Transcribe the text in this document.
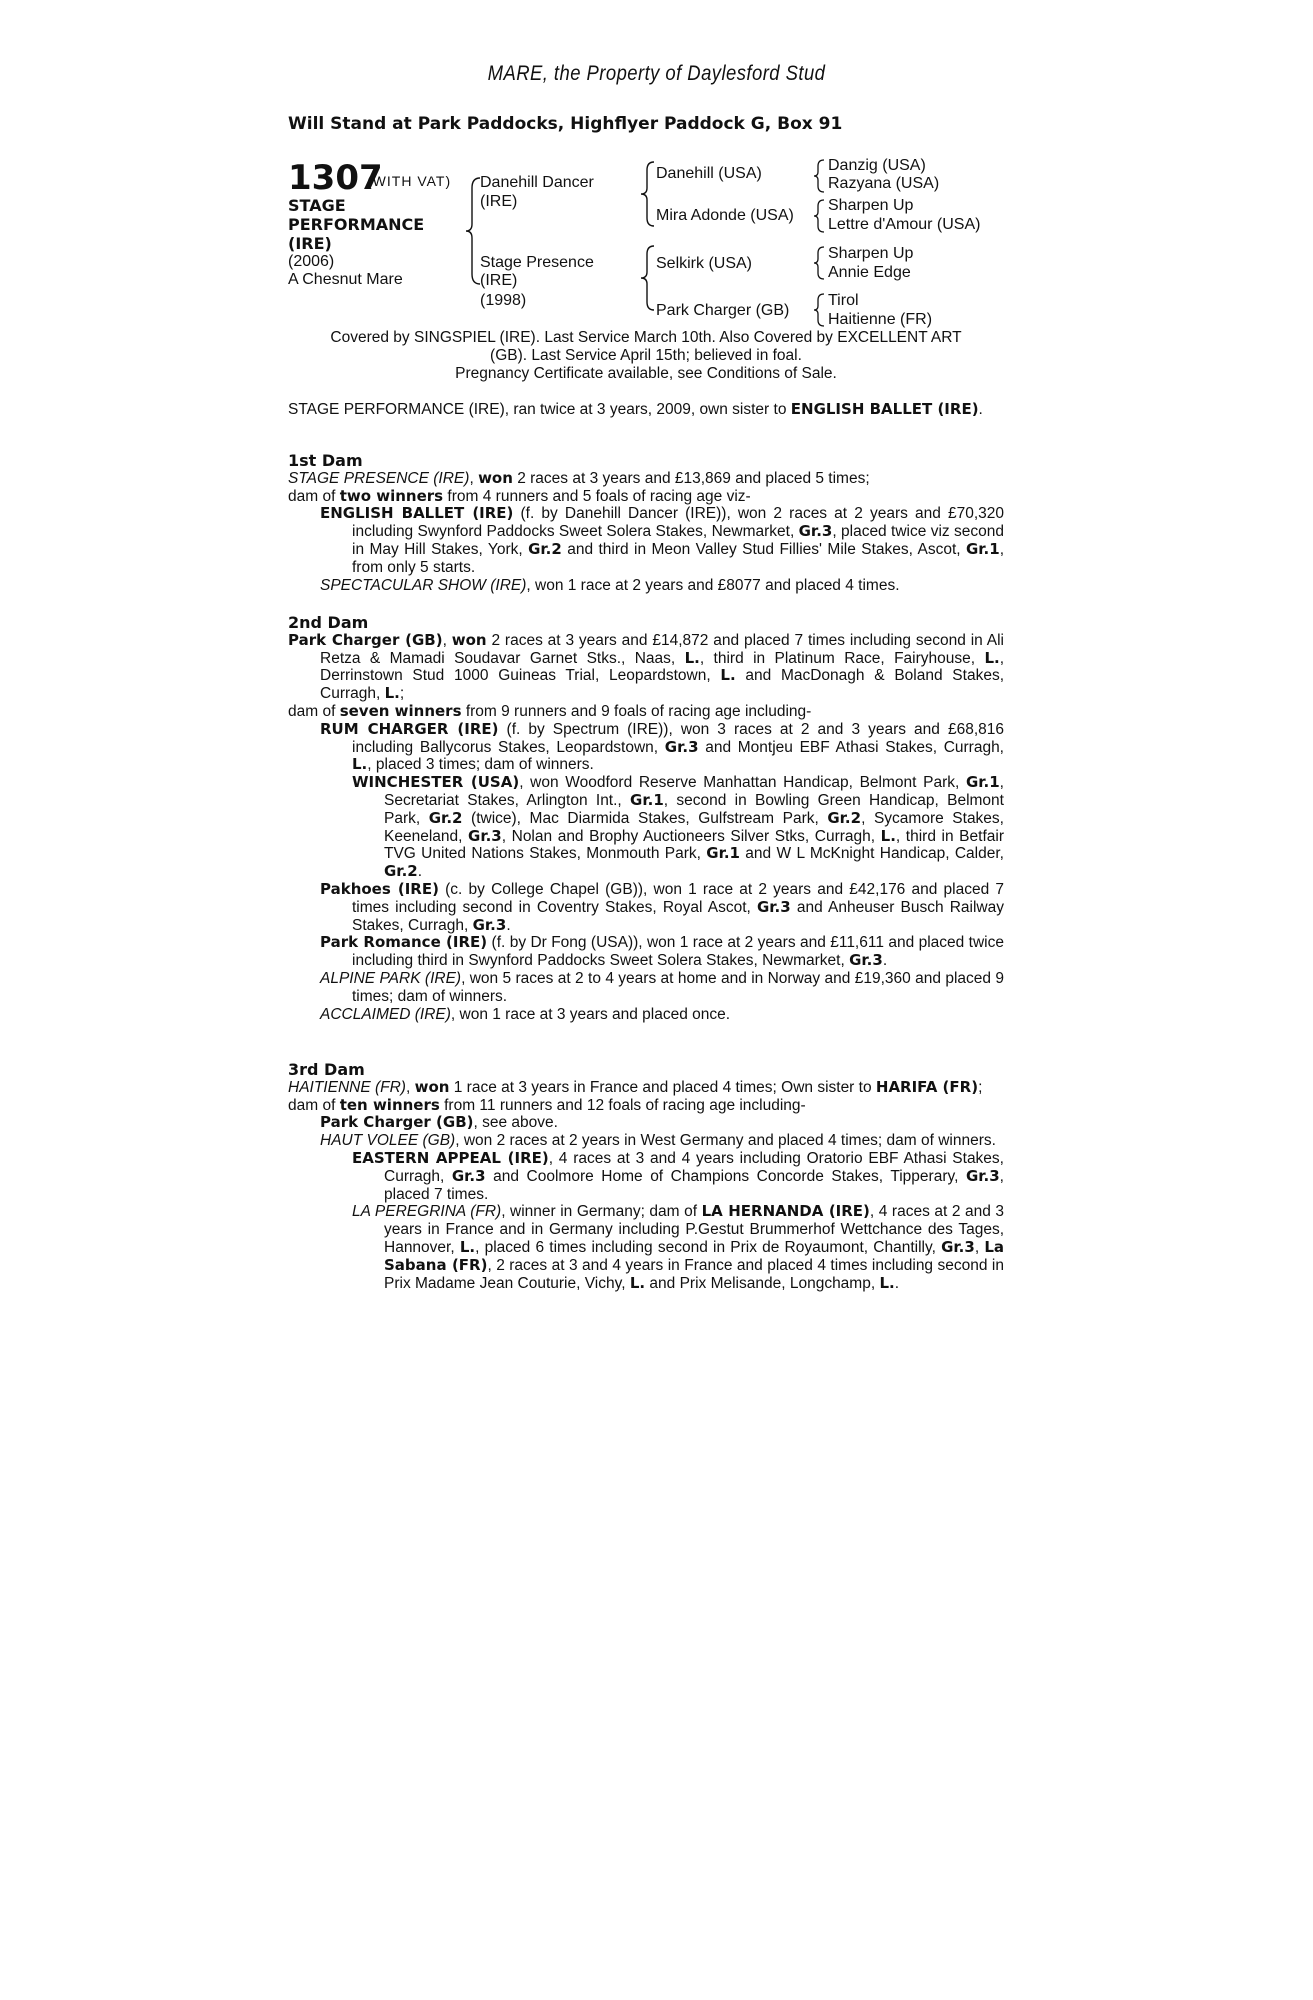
MARE, the Property of Daylesford Stud
Will Stand at Park Paddocks, Highflyer Paddock G, Box 91
1307
(WITH VAT)
STAGE
PERFORMANCE
(IRE)
(2006)
A Chesnut Mare
Danehill Dancer
(IRE)
Stage Presence
(IRE)
(1998)
Danehill (USA)
Mira Adonde (USA)
Selkirk (USA)
Park Charger (GB)
Danzig (USA)
Razyana (USA)
Sharpen Up
Lettre d'Amour (USA)
Sharpen Up
Annie Edge
Tirol
Haitienne (FR)
Covered by SINGSPIEL (IRE). Last Service March 10th. Also Covered by EXCELLENT ART
(GB). Last Service April 15th; believed in foal.
Pregnancy Certificate available, see Conditions of Sale.

STAGE PERFORMANCE (IRE), ran twice at 3 years, 2009, own sister to ENGLISH BALLET (IRE).

1st Dam

STAGE PRESENCE (IRE), won 2 races at 3 years and £13,869 and placed 5 times;

dam of two winners from 4 runners and 5 foals of racing age viz-

ENGLISH BALLET (IRE) (f. by Danehill Dancer (IRE)), won 2 races at 2 years and £70,320 including Swynford Paddocks Sweet Solera Stakes, Newmarket, Gr.3, placed twice viz second in May Hill Stakes, York, Gr.2 and third in Meon Valley Stud Fillies' Mile Stakes, Ascot, Gr.1, from only 5 starts.

SPECTACULAR SHOW (IRE), won 1 race at 2 years and £8077 and placed 4 times.

2nd Dam

Park Charger (GB), won 2 races at 3 years and £14,872 and placed 7 times including second in Ali Retza & Mamadi Soudavar Garnet Stks., Naas, L., third in Platinum Race, Fairyhouse, L., Derrinstown Stud 1000 Guineas Trial, Leopardstown, L. and MacDonagh & Boland Stakes, Curragh, L.;

dam of seven winners from 9 runners and 9 foals of racing age including-

RUM CHARGER (IRE) (f. by Spectrum (IRE)), won 3 races at 2 and 3 years and £68,816 including Ballycorus Stakes, Leopardstown, Gr.3 and Montjeu EBF Athasi Stakes, Curragh, L., placed 3 times; dam of winners.

WINCHESTER (USA), won Woodford Reserve Manhattan Handicap, Belmont Park, Gr.1, Secretariat Stakes, Arlington Int., Gr.1, second in Bowling Green Handicap, Belmont Park, Gr.2 (twice), Mac Diarmida Stakes, Gulfstream Park, Gr.2, Sycamore Stakes, Keeneland, Gr.3, Nolan and Brophy Auctioneers Silver Stks, Curragh, L., third in Betfair TVG United Nations Stakes, Monmouth Park, Gr.1 and W L McKnight Handicap, Calder, Gr.2.

Pakhoes (IRE) (c. by College Chapel (GB)), won 1 race at 2 years and £42,176 and placed 7 times including second in Coventry Stakes, Royal Ascot, Gr.3 and Anheuser Busch Railway Stakes, Curragh, Gr.3.

Park Romance (IRE) (f. by Dr Fong (USA)), won 1 race at 2 years and £11,611 and placed twice including third in Swynford Paddocks Sweet Solera Stakes, Newmarket, Gr.3.

ALPINE PARK (IRE), won 5 races at 2 to 4 years at home and in Norway and £19,360 and placed 9 times; dam of winners.

ACCLAIMED (IRE), won 1 race at 3 years and placed once.

3rd Dam

HAITIENNE (FR), won 1 race at 3 years in France and placed 4 times; Own sister to HARIFA (FR);

dam of ten winners from 11 runners and 12 foals of racing age including-

Park Charger (GB), see above.

HAUT VOLEE (GB), won 2 races at 2 years in West Germany and placed 4 times; dam of winners.

EASTERN APPEAL (IRE), 4 races at 3 and 4 years including Oratorio EBF Athasi Stakes, Curragh, Gr.3 and Coolmore Home of Champions Concorde Stakes, Tipperary, Gr.3, placed 7 times.

LA PEREGRINA (FR), winner in Germany; dam of LA HERNANDA (IRE), 4 races at 2 and 3 years in France and in Germany including P.Gestut Brummerhof Wettchance des Tages, Hannover, L., placed 6 times including second in Prix de Royaumont, Chantilly, Gr.3, La Sabana (FR), 2 races at 3 and 4 years in France and placed 4 times including second in Prix Madame Jean Couturie, Vichy, L. and Prix Melisande, Longchamp, L..
